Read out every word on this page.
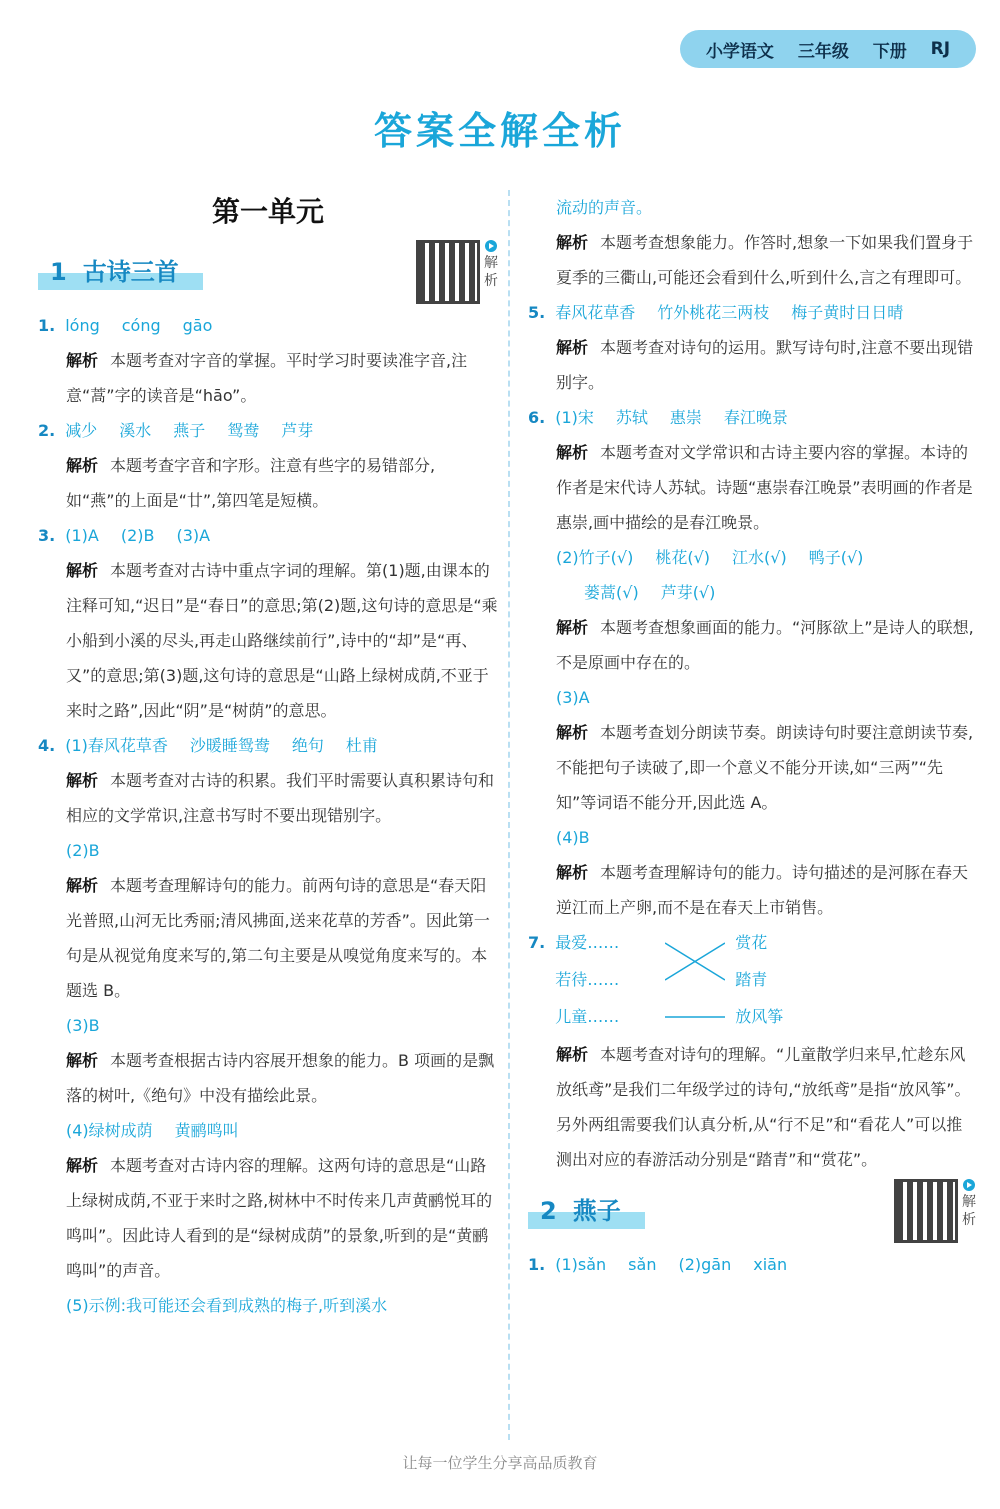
小学语文 三年级 下册 RJ
答案全解全析
第一单元
1 古诗三首	解
析
1. lóng cóng gāo
解析 本题考查对字音的掌握。平时学习时要读准字音,注意“蒿”字的读音是“hāo”。
2. 减少 溪水 燕子 鸳鸯 芦芽
解析 本题考查字音和字形。注意有些字的易错部分,如“燕”的上面是“廿”,第四笔是短横。
3. (1)A (2)B (3)A
解析 本题考查对古诗中重点字词的理解。第(1)题,由课本的注释可知,“迟日”是“春日”的意思;第(2)题,这句诗的意思是“乘小船到小溪的尽头,再走山路继续前行”,诗中的“却”是“再、又”的意思;第(3)题,这句诗的意思是“山路上绿树成荫,不亚于来时之路”,因此“阴”是“树荫”的意思。
4. (1)春风花草香 沙暖睡鸳鸯 绝句 杜甫
解析 本题考查对古诗的积累。我们平时需要认真积累诗句和相应的文学常识,注意书写时不要出现错别字。
(2)B
解析 本题考查理解诗句的能力。前两句诗的意思是“春天阳光普照,山河无比秀丽;清风拂面,送来花草的芳香”。因此第一句是从视觉角度来写的,第二句主要是从嗅觉角度来写的。本题选 B。
(3)B
解析 本题考查根据古诗内容展开想象的能力。B 项画的是飘落的树叶,《绝句》中没有描绘此景。
(4)绿树成荫 黄鹂鸣叫
解析 本题考查对古诗内容的理解。这两句诗的意思是“山路上绿树成荫,不亚于来时之路,树林中不时传来几声黄鹂悦耳的鸣叫”。因此诗人看到的是“绿树成荫”的景象,听到的是“黄鹂鸣叫”的声音。
(5)示例:我可能还会看到成熟的梅子,听到溪水
流动的声音。
解析 本题考查想象能力。作答时,想象一下如果我们置身于夏季的三衢山,可能还会看到什么,听到什么,言之有理即可。
5. 春风花草香 竹外桃花三两枝 梅子黄时日日晴
解析 本题考查对诗句的运用。默写诗句时,注意不要出现错别字。
6. (1)宋 苏轼 惠崇 春江晚景
解析 本题考查对文学常识和古诗主要内容的掌握。本诗的作者是宋代诗人苏轼。诗题“惠崇春江晚景”表明画的作者是惠崇,画中描绘的是春江晚景。
(2)竹子(√) 桃花(√) 江水(√) 鸭子(√)
蒌蒿(√) 芦芽(√)
解析 本题考查想象画面的能力。“河豚欲上”是诗人的联想,不是原画中存在的。
(3)A
解析 本题考查划分朗读节奏。朗读诗句时要注意朗读节奏,不能把句子读破了,即一个意义不能分开读,如“三两”“先知”等词语不能分开,因此选 A。
(4)B
解析 本题考查理解诗句的能力。诗句描述的是河豚在春天逆江而上产卵,而不是在春天上市销售。
7. 最爱……
若待……
儿童……
赏花
踏青
放风筝
解析 本题考查对诗句的理解。“儿童散学归来早,忙趁东风放纸鸢”是我们二年级学过的诗句,“放纸鸢”是指“放风筝”。另外两组需要我们认真分析,从“行不足”和“看花人”可以推测出对应的春游活动分别是“踏青”和“赏花”。
2 燕子	解
析
1. (1)sǎn sǎn (2)gān xiān
让每一位学生分享高品质教育
